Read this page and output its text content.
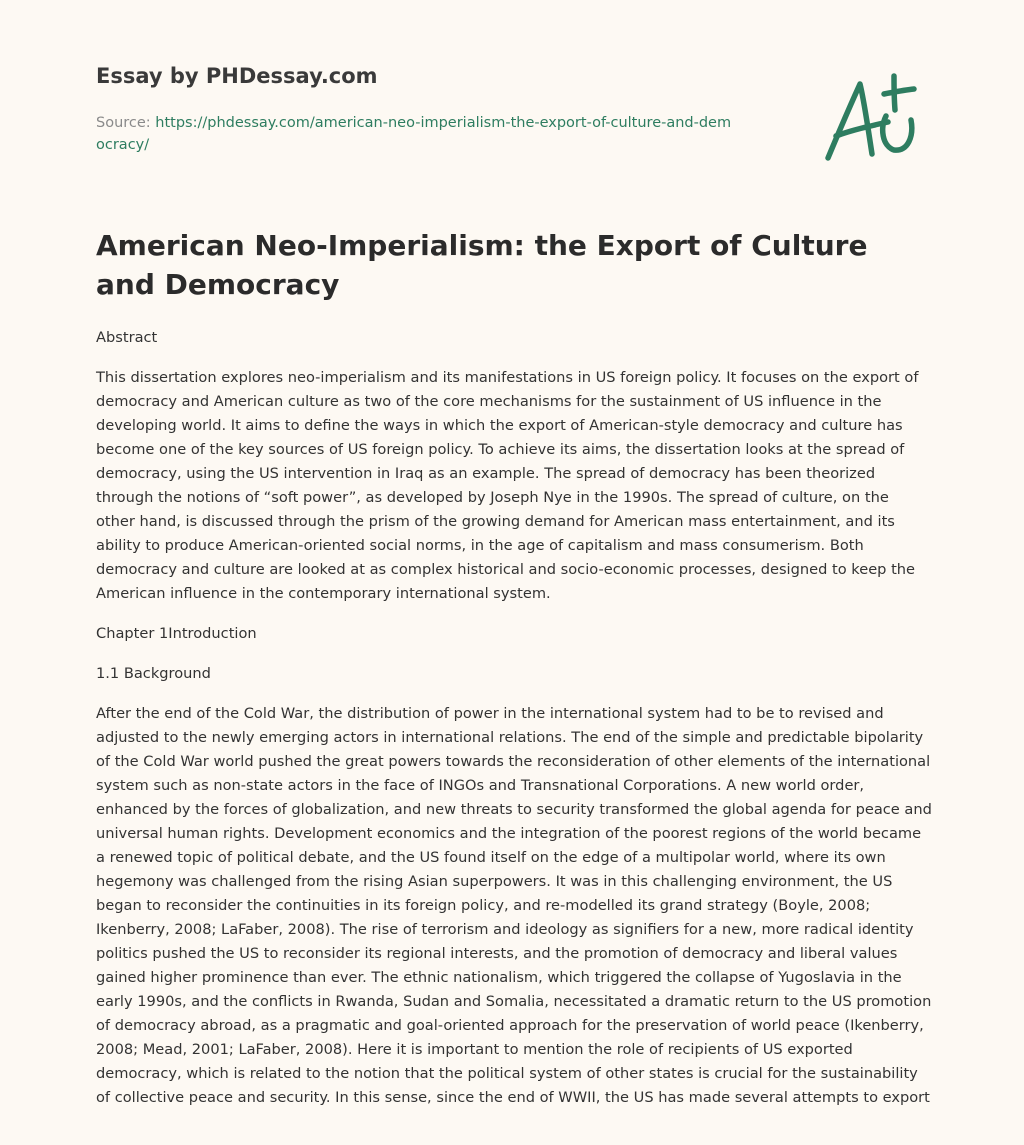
Essay by PHDessay.com

Source: https://phdessay.com/american-neo-imperialism-the-export-of-culture-and-democracy/

American Neo-Imperialism: the Export of Culture and Democracy

Abstract

This dissertation explores neo-imperialism and its manifestations in US foreign policy. It focuses on the export of democracy and American culture as two of the core mechanisms for the sustainment of US influence in the developing world. It aims to define the ways in which the export of American-style democracy and culture has become one of the key sources of US foreign policy. To achieve its aims, the dissertation looks at the spread of democracy, using the US intervention in Iraq as an example. The spread of democracy has been theorized through the notions of “soft power”, as developed by Joseph Nye in the 1990s. The spread of culture, on the other hand, is discussed through the prism of the growing demand for American mass entertainment, and its ability to produce American-oriented social norms, in the age of capitalism and mass consumerism. Both democracy and culture are looked at as complex historical and socio-economic processes, designed to keep the American influence in the contemporary international system.

Chapter 1Introduction

1.1 Background

After the end of the Cold War, the distribution of power in the international system had to be to revised and adjusted to the newly emerging actors in international relations. The end of the simple and predictable bipolarity of the Cold War world pushed the great powers towards the reconsideration of other elements of the international system such as non-state actors in the face of INGOs and Transnational Corporations. A new world order, enhanced by the forces of globalization, and new threats to security transformed the global agenda for peace and universal human rights. Development economics and the integration of the poorest regions of the world became a renewed topic of political debate, and the US found itself on the edge of a multipolar world, where its own hegemony was challenged from the rising Asian superpowers. It was in this challenging environment, the US began to reconsider the continuities in its foreign policy, and re-modelled its grand strategy (Boyle, 2008; Ikenberry, 2008; LaFaber, 2008). The rise of terrorism and ideology as signifiers for a new, more radical identity politics pushed the US to reconsider its regional interests, and the promotion of democracy and liberal values gained higher prominence than ever. The ethnic nationalism, which triggered the collapse of Yugoslavia in the early 1990s, and the conflicts in Rwanda, Sudan and Somalia, necessitated a dramatic return to the US promotion of democracy abroad, as a pragmatic and goal-oriented approach for the preservation of world peace (Ikenberry, 2008; Mead, 2001; LaFaber, 2008). Here it is important to mention the role of recipients of US exported democracy, which is related to the notion that the political system of other states is crucial for the sustainability of collective peace and security. In this sense, since the end of WWII, the US has made several attempts to export
